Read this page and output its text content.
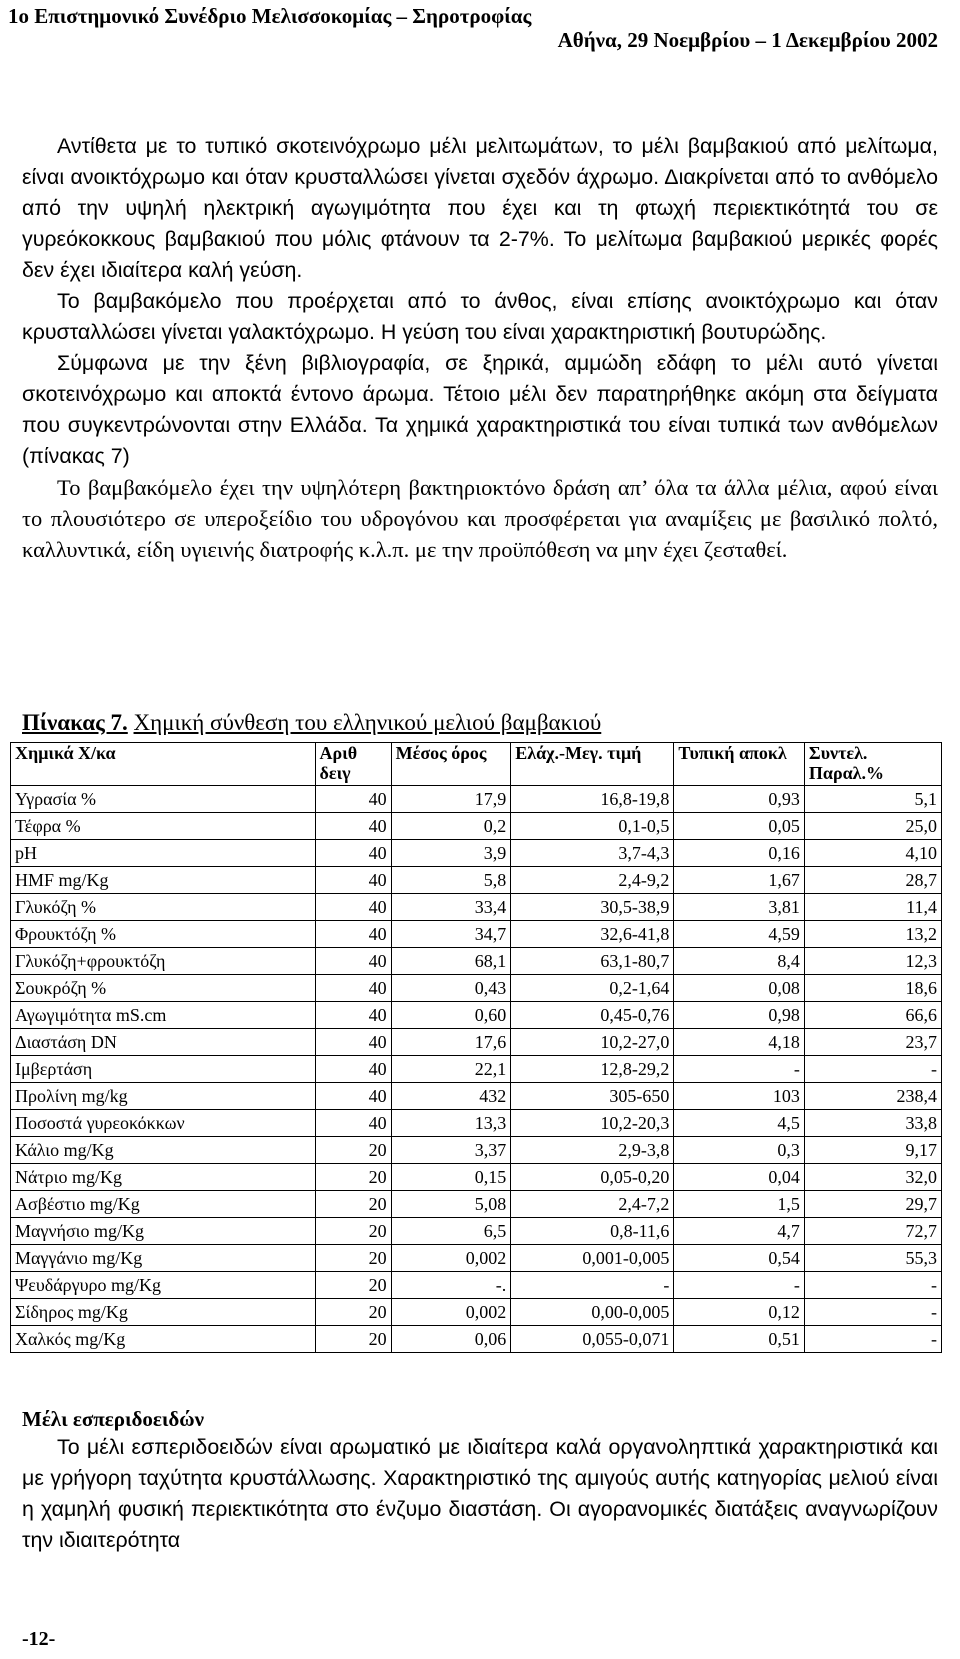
1ο Επιστημονικό Συνέδριο Μελισσοκομίας – Σηροτροφίας
Αθήνα, 29 Νοεμβρίου – 1 Δεκεμβρίου 2002

Αντίθετα με το τυπικό σκοτεινόχρωμο μέλι μελιτωμάτων, το μέλι βαμβακιού από μελίτωμα, είναι ανοικτόχρωμο και όταν κρυσταλλώσει γίνεται σχεδόν άχρωμο. Διακρίνεται από το ανθόμελο από την υψηλή ηλεκτρική αγωγιμότητα που έχει και τη φτωχή περιεκτικότητά του σε γυρεόκοκκους βαμβακιού που μόλις φτάνουν τα 2-7%. Το μελίτωμα βαμβακιού μερικές φορές δεν έχει ιδιαίτερα καλή γεύση.

Το βαμβακόμελο που προέρχεται από το άνθος, είναι επίσης ανοικτόχρωμο και όταν κρυσταλλώσει γίνεται γαλακτόχρωμο. Η γεύση του είναι χαρακτηριστική βουτυρώδης.

Σύμφωνα με την ξένη βιβλιογραφία, σε ξηρικά, αμμώδη εδάφη το μέλι αυτό γίνεται σκοτεινόχρωμο και αποκτά έντονο άρωμα. Τέτοιο μέλι δεν παρατηρήθηκε ακόμη στα δείγματα που συγκεντρώνονται στην Ελλάδα. Τα χημικά χαρακτηριστικά του είναι τυπικά των ανθόμελων (πίνακας 7)

Το βαμβακόμελο έχει την υψηλότερη βακτηριοκτόνο δράση απ’ όλα τα άλλα μέλια, αφού είναι το πλουσιότερο σε υπεροξείδιο του υδρογόνου και προσφέρεται για αναμίξεις με βασιλικό πολτό, καλλυντικά, είδη υγιεινής διατροφής κ.λ.π. με την προϋπόθεση να μην έχει ζεσταθεί.

Πίνακας 7. Χημική σύνθεση του ελληνικού μελιού βαμβακιού
Χημικά Χ/κα	Αριθ δειγ	Μέσος όρος	Ελάχ.-Μεγ. τιμή	Τυπική αποκλ	Συντελ. Παραλ.%
Υγρασία %	40	17,9	16,8-19,8	0,93	5,1
Τέφρα %	40	0,2	0,1-0,5	0,05	25,0
pH	40	3,9	3,7-4,3	0,16	4,10
HMF mg/Kg	40	5,8	2,4-9,2	1,67	28,7
Γλυκόζη %	40	33,4	30,5-38,9	3,81	11,4
Φρουκτόζη %	40	34,7	32,6-41,8	4,59	13,2
Γλυκόζη+φρουκτόζη	40	68,1	63,1-80,7	8,4	12,3
Σουκρόζη %	40	0,43	0,2-1,64	0,08	18,6
Αγωγιμότητα mS.cm	40	0,60	0,45-0,76	0,98	66,6
Διαστάση DN	40	17,6	10,2-27,0	4,18	23,7
Ιμβερτάση	40	22,1	12,8-29,2	-	-
Προλίνη mg/kg	40	432	305-650	103	238,4
Ποσοστά γυρεοκόκκων	40	13,3	10,2-20,3	4,5	33,8
Κάλιο mg/Kg	20	3,37	2,9-3,8	0,3	9,17
Νάτριο mg/Kg	20	0,15	0,05-0,20	0,04	32,0
Ασβέστιο mg/Kg	20	5,08	2,4-7,2	1,5	29,7
Μαγνήσιο mg/Kg	20	6,5	0,8-11,6	4,7	72,7
Μαγγάνιο mg/Kg	20	0,002	0,001-0,005	0,54	55,3
Ψευδάργυρο mg/Kg	20	-.	-	-	-
Σίδηρος mg/Kg	20	0,002	0,00-0,005	0,12	-
Χαλκός mg/Kg	20	0,06	0,055-0,071	0,51	-
Μέλι εσπεριδοειδών

Το μέλι εσπεριδοειδών είναι αρωματικό με ιδιαίτερα καλά οργανοληπτικά χαρακτηριστικά και με γρήγορη ταχύτητα κρυστάλλωσης. Χαρακτηριστικό της αμιγούς αυτής κατηγορίας μελιού είναι η χαμηλή φυσική περιεκτικότητα στο ένζυμο διαστάση. Οι αγορανομικές διατάξεις αναγνωρίζουν την ιδιαιτερότητα

-12-
